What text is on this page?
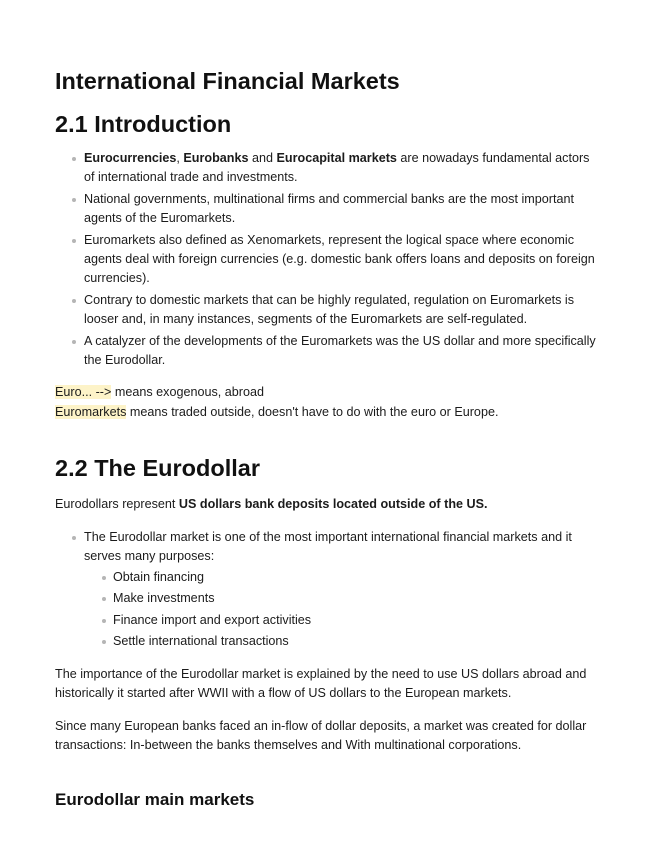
International Financial Markets
2.1 Introduction
Eurocurrencies, Eurobanks and Eurocapital markets are nowadays fundamental actors of international trade and investments.
National governments, multinational firms and commercial banks are the most important agents of the Euromarkets.
Euromarkets also defined as Xenomarkets, represent the logical space where economic agents deal with foreign currencies (e.g. domestic bank offers loans and deposits on foreign currencies).
Contrary to domestic markets that can be highly regulated, regulation on Euromarkets is looser and, in many instances, segments of the Euromarkets are self-regulated.
A catalyzer of the developments of the Euromarkets was the US dollar and more specifically the Eurodollar.

Euro... --> means exogenous, abroad

Euromarkets means traded outside, doesn't have to do with the euro or Europe.

2.2 The Eurodollar

Eurodollars represent US dollars bank deposits located outside of the US.

The Eurodollar market is one of the most important international financial markets and it serves many purposes:
Obtain financing
Make investments
Finance import and export activities
Settle international transactions

The importance of the Eurodollar market is explained by the need to use US dollars abroad and historically it started after WWII with a flow of US dollars to the European markets.

Since many European banks faced an in-flow of dollar deposits, a market was created for dollar transactions: In-between the banks themselves and With multinational corporations.

Eurodollar main markets
